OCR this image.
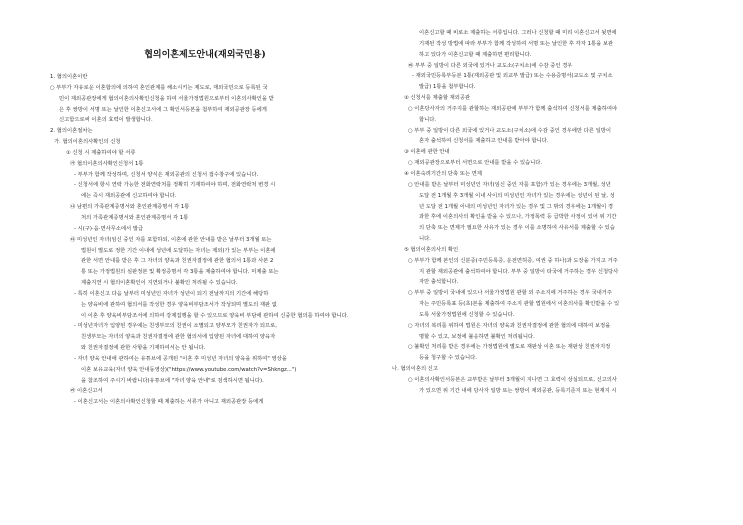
협의이혼제도안내(재외국민용)
1. 협의이혼이란
○ 부부가 자유로운 이혼합의에 의하여 혼인관계를 해소시키는 제도로, 재외국민으로 등록된 국
민이 재외공관장에게 협의이혼의사확인신청을 하여 서울가정법원으로부터 이혼의사확인을 받
은 후 쌍방이 서명 또는 날인한 이혼신고서에 그 확인서등본을 첨부하여 재외공관장 등에게
신고함으로써 이혼의 효력이 발생합니다.
2. 협의이혼절차는
가. 협의이혼의사확인의 신청
① 신청 시 제출하여야 할 서류
㉮ 협의이혼의사확인신청서 1통
- 부부가 함께 작성하며, 신청서 양식은 재외공관의 신청서 접수창구에 있습니다.
- 신청서에 항시 연락 가능한 전화연락처를 정확히 기재하여야 하며, 전화연락처 변경 시
에는 즉시 재외공관에 신고하여야 합니다.
㉯ 남편의 가족관계증명서와 혼인관계증명서 각 1통
처의 가족관계증명서와 혼인관계증명서 각 1통
- 시(구)·읍·면사무소에서 발급
㉰ 미성년인 자녀(임신 중인 자를 포함하되, 이혼에 관한 안내를 받은 날부터 3개월 또는
법원이 별도로 정한 기간 이내에 성년에 도달하는 자녀는 제외)가 있는 부부는 이혼에
관한 서면 안내를 받은 후 그 자녀의 양육과 친권자결정에 관한 협의서 1통과 사본 2
통 또는 가정법원의 심판정본 및 확정증명서 각 3통을 제출하여야 합니다. 미제출 또는
제출지연 시 협의이혼확인이 지연되거나 불확인 처리될 수 있습니다.
- 특히 이혼신고 다음 날부터 미성년인 자녀가 성년이 되기 전날까지의 기간에 해당하
는 양육비에 관하여 협의서를 작성한 경우 양육비부담조서가 작성되며 별도의 재판 없
이 이혼 후 양육비부담조서에 의하여 강제집행을 할 수 있으므로 양육비 부담에 관하여 신중한 협의를 하여야 합니다.
- 미성년자녀가 입양된 경우에는 친생부모의 친권이 소멸되고 양부모가 친권자가 되므로,
친생부모는 자녀의 양육과 친권자결정에 관한 협의서에 입양된 자녀에 대하여 양육자
와 친권자결정에 관한 사항을 기재하여서는 안 됩니다.
- 자녀 양육 안내에 관하여는 유튜브에 공개된 "이혼 후 미성년 자녀의 양육을 위하여" 영상을
이혼 보유교육(자녀 양육 안내동영상)("https://www.youtube.com/watch?v=Shkngz...")
을 참조하여 주시기 바랍니다(유튜브에 "자녀 양육 안내"로 검색하시면 됩니다).
㉱ 이혼신고서
- 이혼신고서는 이혼의사확인신청할 때 제출하는 서류가 아니고 재외공관장 등에게
이혼신고할 때 비로소 제출하는 서류입니다. 그러나 신청할 때 미리 이혼신고서 뒷면에
기재된 작성 방법에 따라 부부가 함께 작성하여 서명 또는 날인한 후 각자 1통을 보관
하고 있다가 이혼신고할 때 제출하면 편리합니다.
㉲ 부부 중 일방이 다른 외국에 있거나 교도소(구치소)에 수감 중인 경우
- 재외국민등록부등본 1통(재외공관 및 외교부 발급) 또는 수용증명서(교도소 및 구치소
발급) 1통을 첨부합니다.
② 신청서를 제출할 재외공관
○ 이혼당사자의 거주지를 관할하는 재외공관에 부부가 함께 출석하여 신청서를 제출하여야
합니다.
○ 부부 중 일방이 다른 외국에 있거나 교도소(구치소)에 수감 중인 경우에만 다른 일방이
혼자 출석하여 신청서를 제출하고 안내를 받아야 합니다.
③ 이혼에 관한 안내
○ 재외공관장으로부터 서면으로 안내를 받을 수 있습니다.
④ 이혼숙려기간의 단축 또는 면제
○ 안내를 받은 날부터 미성년인 자녀(임신 중인 자를 포함)가 있는 경우에는 3개월, 성년
도달 전 1개월 후 3개월 이내 사이의 미성년인 자녀가 있는 경우에는 성년이 된 날, 성
년 도달 전 1개월 이내의 미성년인 자녀가 있는 경우 및 그 밖의 경우에는 1개월이 경
과한 후에 이혼의사의 확인을 받을 수 있으나, 가정폭력 등 급박한 사정이 있어 위 기간
의 단축 또는 면제가 필요한 사유가 있는 경우 이를 소명하여 사유서를 제출할 수 있습
니다.
⑤ 협의이혼의사의 확인
○ 부부가 함께 본인의 신분증(주민등록증, 운전면허증, 여권 중 하나)과 도장을 가지고 거주
지 관할 재외공관에 출석하여야 합니다. 부부 중 일방이 타국에 거주하는 경우 신청당사
자만 출석합니다.
○ 부부 중 일방이 국내에 있으나 서울가정법원 관할 외 주소지에 거주하는 경우 국내거주
자는 주민등록표 등(초)본을 제출하여 주소지 관할 법원에서 이혼의사를 확인받을 수 있
도록 서울가정법원에 신청할 수 있습니다.
○ 자녀의 복리를 위하여 법원은 자녀의 양육과 친권자결정에 관한 협의에 대하여 보정을
명할 수 있고, 보정에 불응하면 불확인 처리됩니다.
○ 불확인 처리를 받은 경우에는 가정법원에 별도로 재판상 이혼 또는 재판상 친권자지정
등을 청구할 수 있습니다.
나. 협의이혼의 신고
○ 이혼의사확인서등본은 교부받은 날부터 3개월이 지나면 그 효력이 상실되므로, 신고의사
가 있으면 위 기간 내에 당사자 일방 또는 쌍방이 재외공관, 등록기준지 또는 현재지 시
